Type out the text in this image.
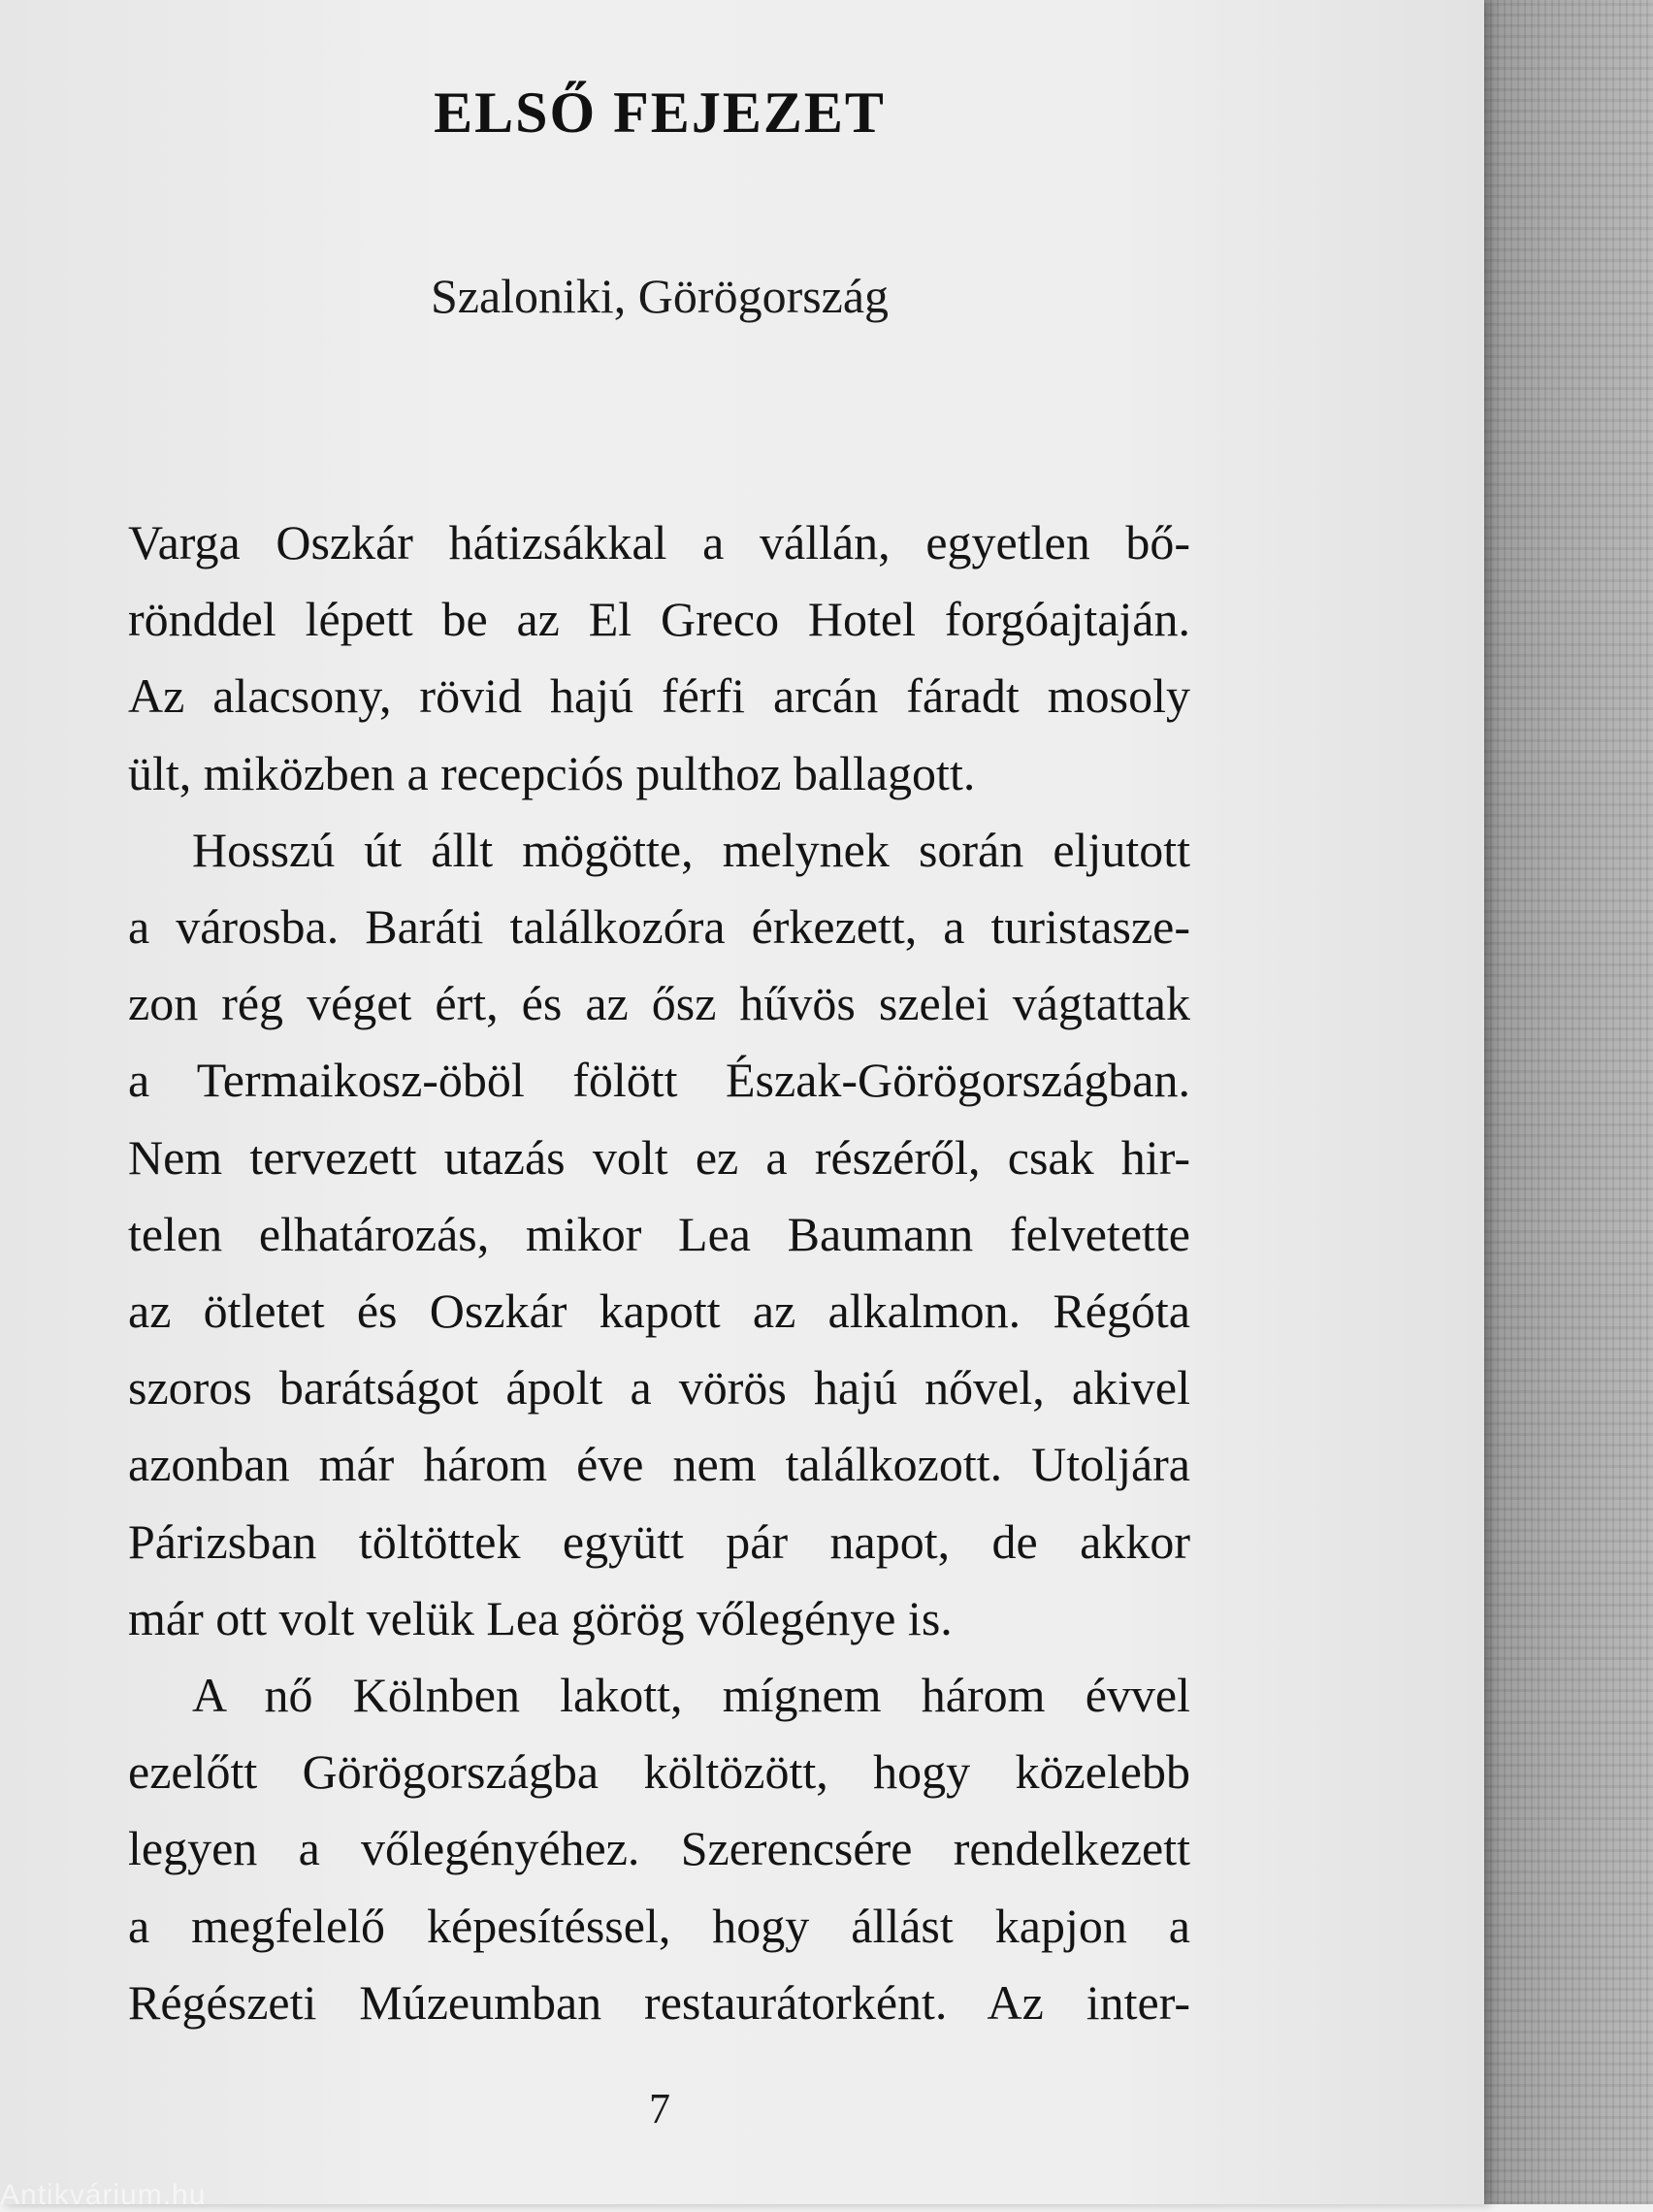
ELSŐ FEJEZET
Szaloniki, Görögország

Varga Oszkár hátizsákkal a vállán, egyetlen bő-
rönddel lépett be az El Greco Hotel forgóajtaján.
Az alacsony, rövid hajú férfi arcán fáradt mosoly
ült, miközben a recepciós pulthoz ballagott.

Hosszú út állt mögötte, melynek során eljutott
a városba. Baráti találkozóra érkezett, a turistasze-
zon rég véget ért, és az ősz hűvös szelei vágtattak
a Termaikosz-öböl fölött Észak-Görögországban.
Nem tervezett utazás volt ez a részéről, csak hir-
telen elhatározás, mikor Lea Baumann felvetette
az ötletet és Oszkár kapott az alkalmon. Régóta
szoros barátságot ápolt a vörös hajú nővel, akivel
azonban már három éve nem találkozott. Utoljára
Párizsban töltöttek együtt pár napot, de akkor
már ott volt velük Lea görög vőlegénye is.

A nő Kölnben lakott, mígnem három évvel
ezelőtt Görögországba költözött, hogy közelebb
legyen a vőlegényéhez. Szerencsére rendelkezett
a megfelelő képesítéssel, hogy állást kapjon a
Régészeti Múzeumban restaurátorként. Az inter-

7
Antikvárium.hu
